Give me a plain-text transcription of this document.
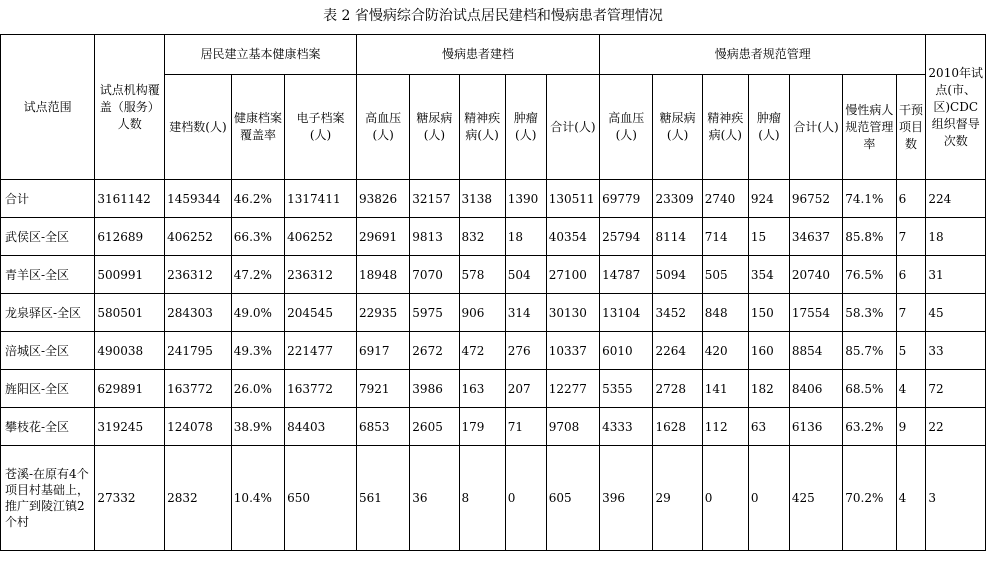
表 2 省慢病综合防治试点居民建档和慢病患者管理情况
试点范围	试点机构覆盖（服务）人数	居民建立基本健康档案			慢病患者建档					慢病患者规范管理							2010年试点(市、区)CDC组织督导次数
		建档数(人)	健康档案覆盖率	电子档案(人)	高血压(人)	糖尿病(人)	精神疾病(人)	肿瘤(人)	合计(人)	高血压(人)	糖尿病(人)	精神疾病(人)	肿瘤(人)	合计(人)	慢性病人规范管理率	干预项目数	
合计	3161142	1459344	46.2%	1317411	93826	32157	3138	1390	130511	69779	23309	2740	924	96752	74.1%	6	224
武侯区-全区	612689	406252	66.3%	406252	29691	9813	832	18	40354	25794	8114	714	15	34637	85.8%	7	18
青羊区-全区	500991	236312	47.2%	236312	18948	7070	578	504	27100	14787	5094	505	354	20740	76.5%	6	31
龙泉驿区-全区	580501	284303	49.0%	204545	22935	5975	906	314	30130	13104	3452	848	150	17554	58.3%	7	45
涪城区-全区	490038	241795	49.3%	221477	6917	2672	472	276	10337	6010	2264	420	160	8854	85.7%	5	33
旌阳区-全区	629891	163772	26.0%	163772	7921	3986	163	207	12277	5355	2728	141	182	8406	68.5%	4	72
攀枝花-全区	319245	124078	38.9%	84403	6853	2605	179	71	9708	4333	1628	112	63	6136	63.2%	9	22
苍溪-在原有4个项目村基础上，推广到陵江镇2个村	27332	2832	10.4%	650	561	36	8	0	605	396	29	0	0	425	70.2%	4	3
